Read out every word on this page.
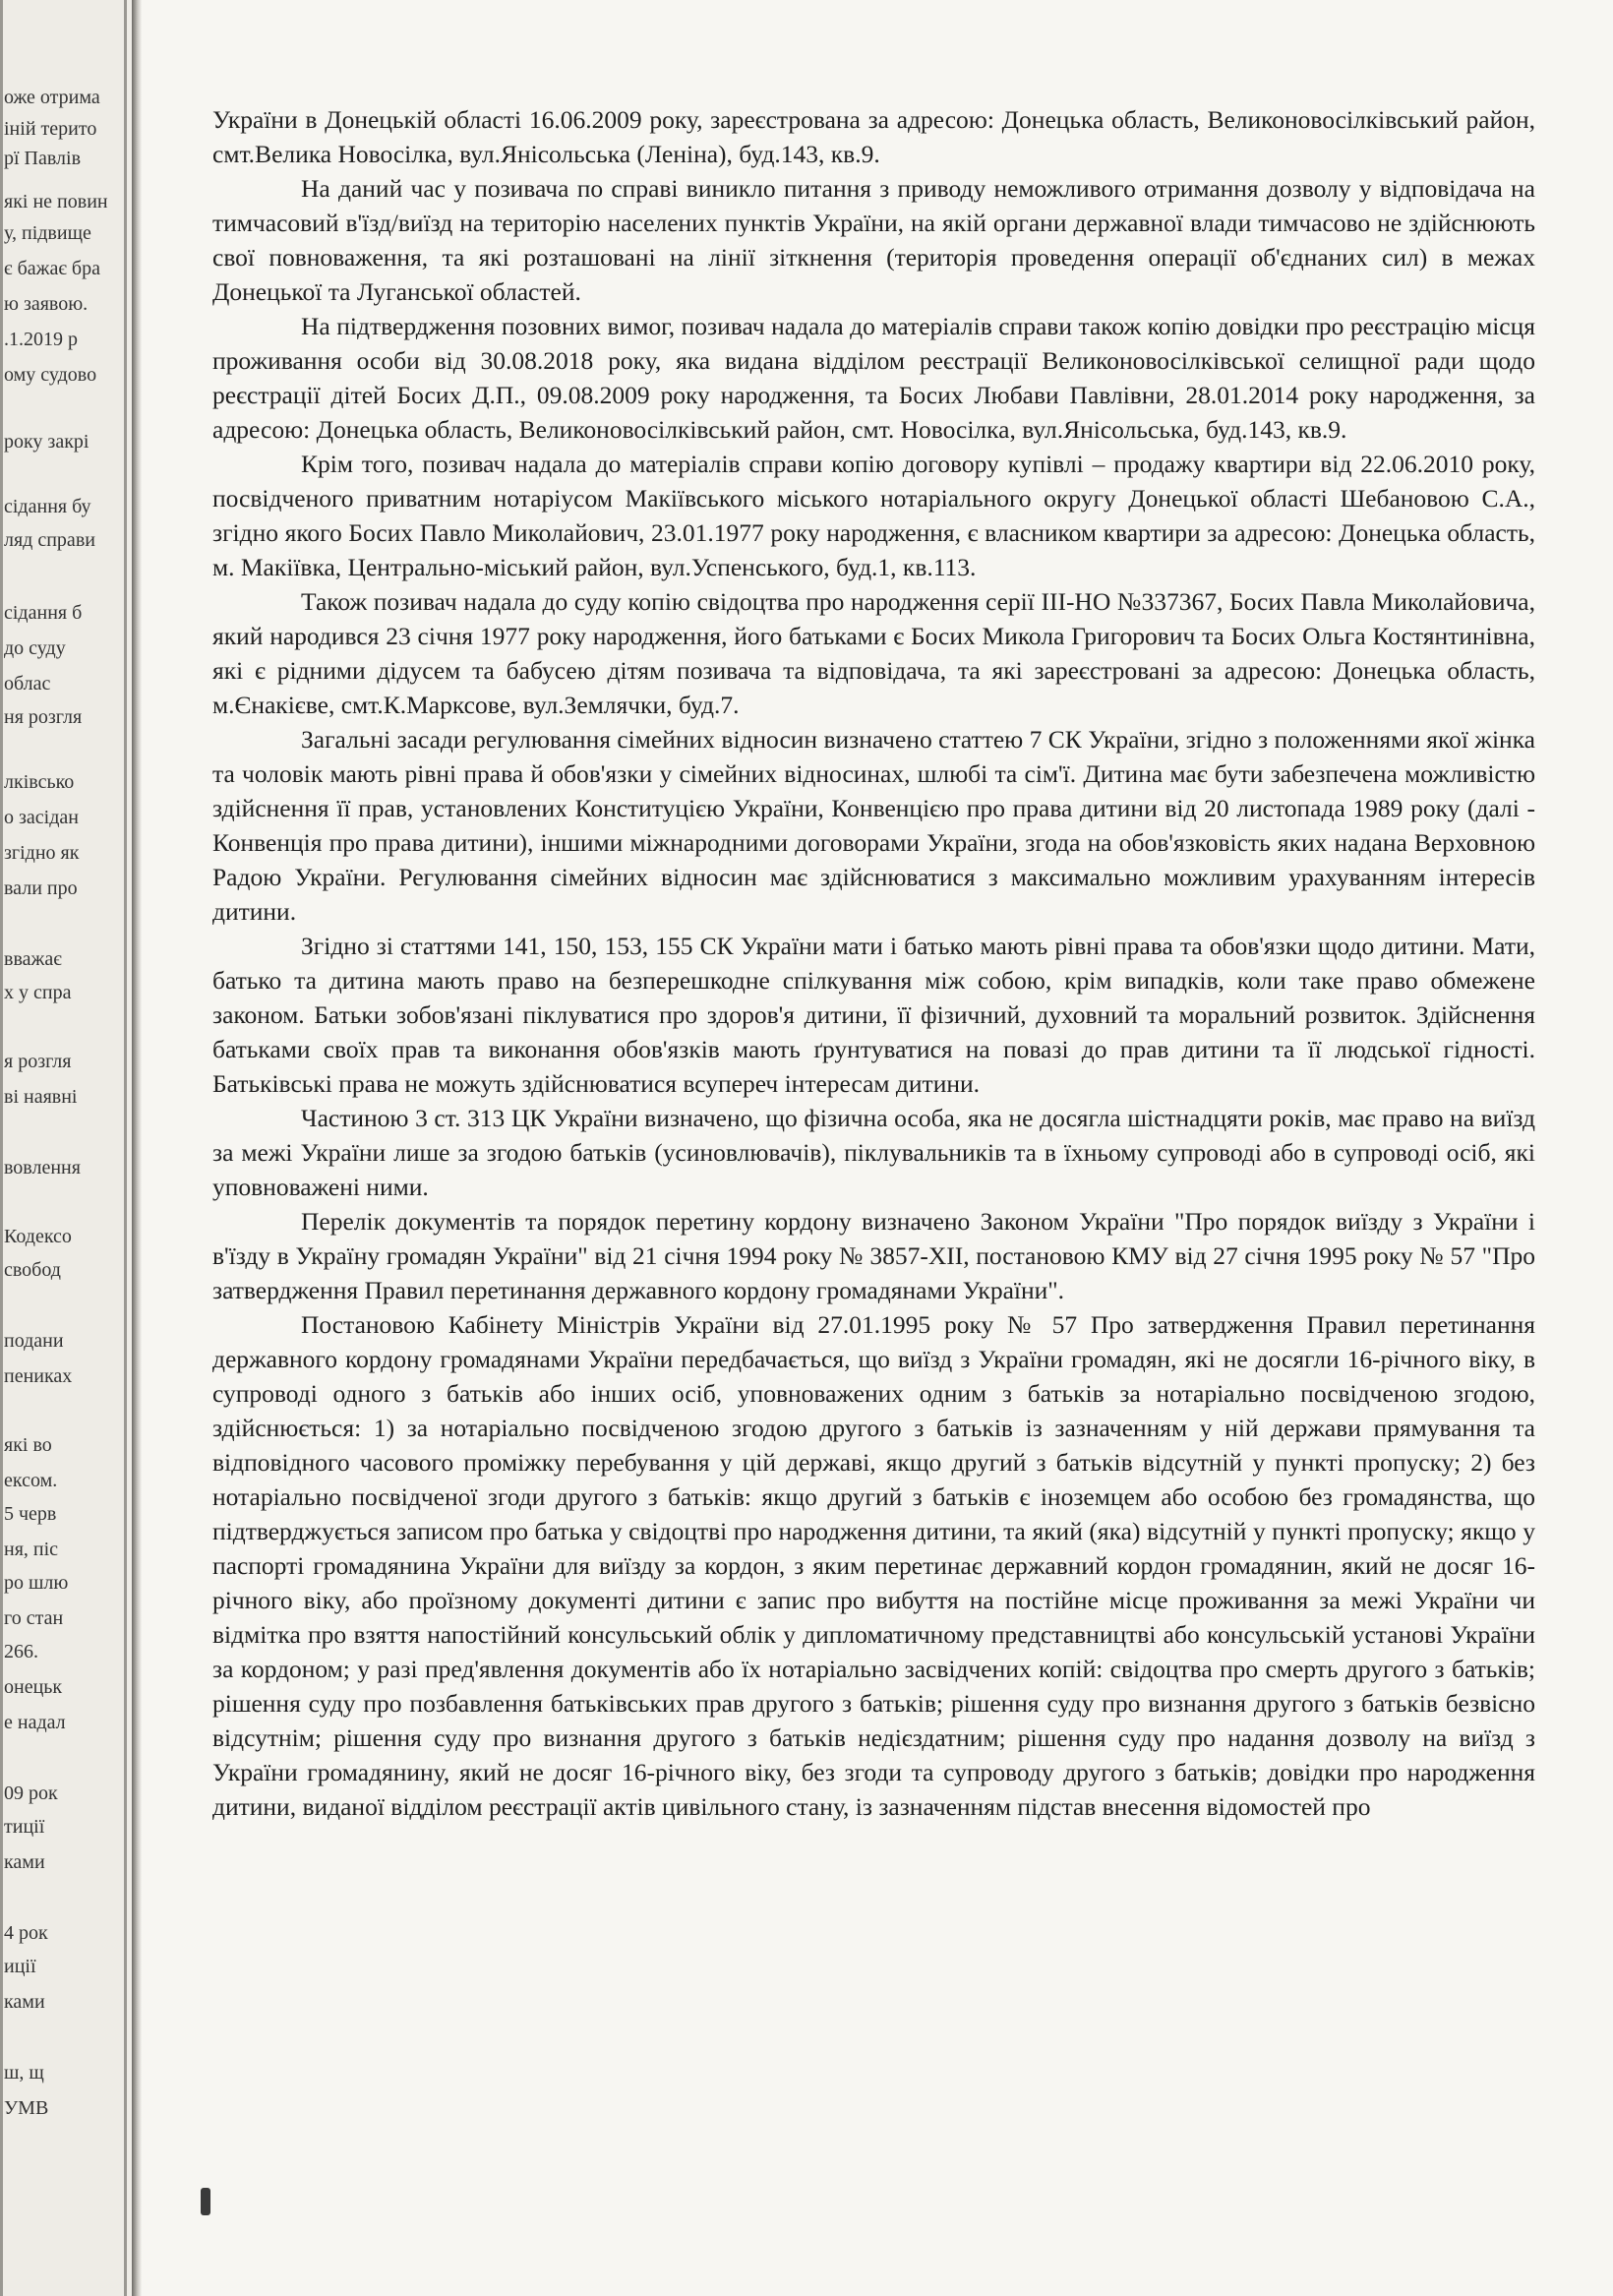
оже отрима
іній терито
рї Павлів
які не повин
у, підвище
є бажає бра
ю заявою.
.1.2019 р
ому судово
року закрі
сідання бу
ляд справи
сідання б
до суду
облас
ня розгля
лківсько
о засідан
згідно як
вали про
вважає
х у спра
я розгля
ві наявні
вовлення
Кодексо
свобод
подани
пениках
які во
ексом.
5 черв
ня, піс
ро шлю
го стан
266.
онецьк
е надал
09 рок
тиції
ками
4 рок
иції
ками
ш, щ
УМВ

України в Донецькій області 16.06.2009 року, зареєстрована за адресою: Донецька область, Великоновосілківський район, смт.Велика Новосілка, вул.Янісольська (Леніна), буд.143, кв.9.

На даний час у позивача по справі виникло питання з приводу неможливого отримання дозволу у відповідача на тимчасовий в'їзд/виїзд на територію населених пунктів України, на якій органи державної влади тимчасово не здійснюють свої повноваження, та які розташовані на лінії зіткнення (територія проведення операції об'єднаних сил) в межах Донецької та Луганської областей.

На підтвердження позовних вимог, позивач надала до матеріалів справи також копію довідки про реєстрацію місця проживання особи від 30.08.2018 року, яка видана відділом реєстрації Великоновосілківської селищної ради щодо реєстрації дітей Босих Д.П., 09.08.2009 року народження, та Босих Любави Павлівни, 28.01.2014 року народження, за адресою: Донецька область, Великоновосілківський район, смт. Новосілка, вул.Янісольська, буд.143, кв.9.

Крім того, позивач надала до матеріалів справи копію договору купівлі – продажу квартири від 22.06.2010 року, посвідченого приватним нотаріусом Макіївського міського нотаріального округу Донецької області Шебановою С.А., згідно якого Босих Павло Миколайович, 23.01.1977 року народження, є власником квартири за адресою: Донецька область, м. Макіївка, Центрально-міський район, вул.Успенського, буд.1, кв.113.

Також позивач надала до суду копію свідоцтва про народження серії ІІІ-НО №337367, Босих Павла Миколайовича, який народився 23 січня 1977 року народження, його батьками є Босих Микола Григорович та Босих Ольга Костянтинівна, які є рідними дідусем та бабусею дітям позивача та відповідача, та які зареєстровані за адресою: Донецька область, м.Єнакієве, смт.К.Марксове, вул.Землячки, буд.7.

Загальні засади регулювання сімейних відносин визначено статтею 7 СК України, згідно з положеннями якої жінка та чоловік мають рівні права й обов'язки у сімейних відносинах, шлюбі та сім'ї. Дитина має бути забезпечена можливістю здійснення її прав, установлених Конституцією України, Конвенцією про права дитини від 20 листопада 1989 року (далі - Конвенція про права дитини), іншими міжнародними договорами України, згода на обов'язковість яких надана Верховною Радою України. Регулювання сімейних відносин має здійснюватися з максимально можливим урахуванням інтересів дитини.

Згідно зі статтями 141, 150, 153, 155 СК України мати і батько мають рівні права та обов'язки щодо дитини. Мати, батько та дитина мають право на безперешкодне спілкування між собою, крім випадків, коли таке право обмежене законом. Батьки зобов'язані піклуватися про здоров'я дитини, її фізичний, духовний та моральний розвиток. Здійснення батьками своїх прав та виконання обов'язків мають ґрунтуватися на повазі до прав дитини та її людської гідності. Батьківські права не можуть здійснюватися всупереч інтересам дитини.

Частиною 3 ст. 313 ЦК України визначено, що фізична особа, яка не досягла шістнадцяти років, має право на виїзд за межі України лише за згодою батьків (усиновлювачів), піклувальників та в їхньому супроводі або в супроводі осіб, які уповноважені ними.

Перелік документів та порядок перетину кордону визначено Законом України "Про порядок виїзду з України і в'їзду в Україну громадян України" від 21 січня 1994 року № 3857-XII, постановою КМУ від 27 січня 1995 року № 57 "Про затвердження Правил перетинання державного кордону громадянами України".

Постановою Кабінету Міністрів України від 27.01.1995 року № 57 Про затвердження Правил перетинання державного кордону громадянами України передбачається, що виїзд з України громадян, які не досягли 16-річного віку, в супроводі одного з батьків або інших осіб, уповноважених одним з батьків за нотаріально посвідченою згодою, здійснюється: 1) за нотаріально посвідченою згодою другого з батьків із зазначенням у ній держави прямування та відповідного часового проміжку перебування у цій державі, якщо другий з батьків відсутній у пункті пропуску; 2) без нотаріально посвідченої згоди другого з батьків: якщо другий з батьків є іноземцем або особою без громадянства, що підтверджується записом про батька у свідоцтві про народження дитини, та який (яка) відсутній у пункті пропуску; якщо у паспорті громадянина України для виїзду за кордон, з яким перетинає державний кордон громадянин, який не досяг 16-річного віку, або проїзному документі дитини є запис про вибуття на постійне місце проживання за межі України чи відмітка про взяття напостійний консульський облік у дипломатичному представництві або консульській установі України за кордоном; у разі пред'явлення документів або їх нотаріально засвідчених копій: свідоцтва про смерть другого з батьків; рішення суду про позбавлення батьківських прав другого з батьків; рішення суду про визнання другого з батьків безвісно відсутнім; рішення суду про визнання другого з батьків недієздатним; рішення суду про надання дозволу на виїзд з України громадянину, який не досяг 16-річного віку, без згоди та супроводу другого з батьків; довідки про народження дитини, виданої відділом реєстрації актів цивільного стану, із зазначенням підстав внесення відомостей про
